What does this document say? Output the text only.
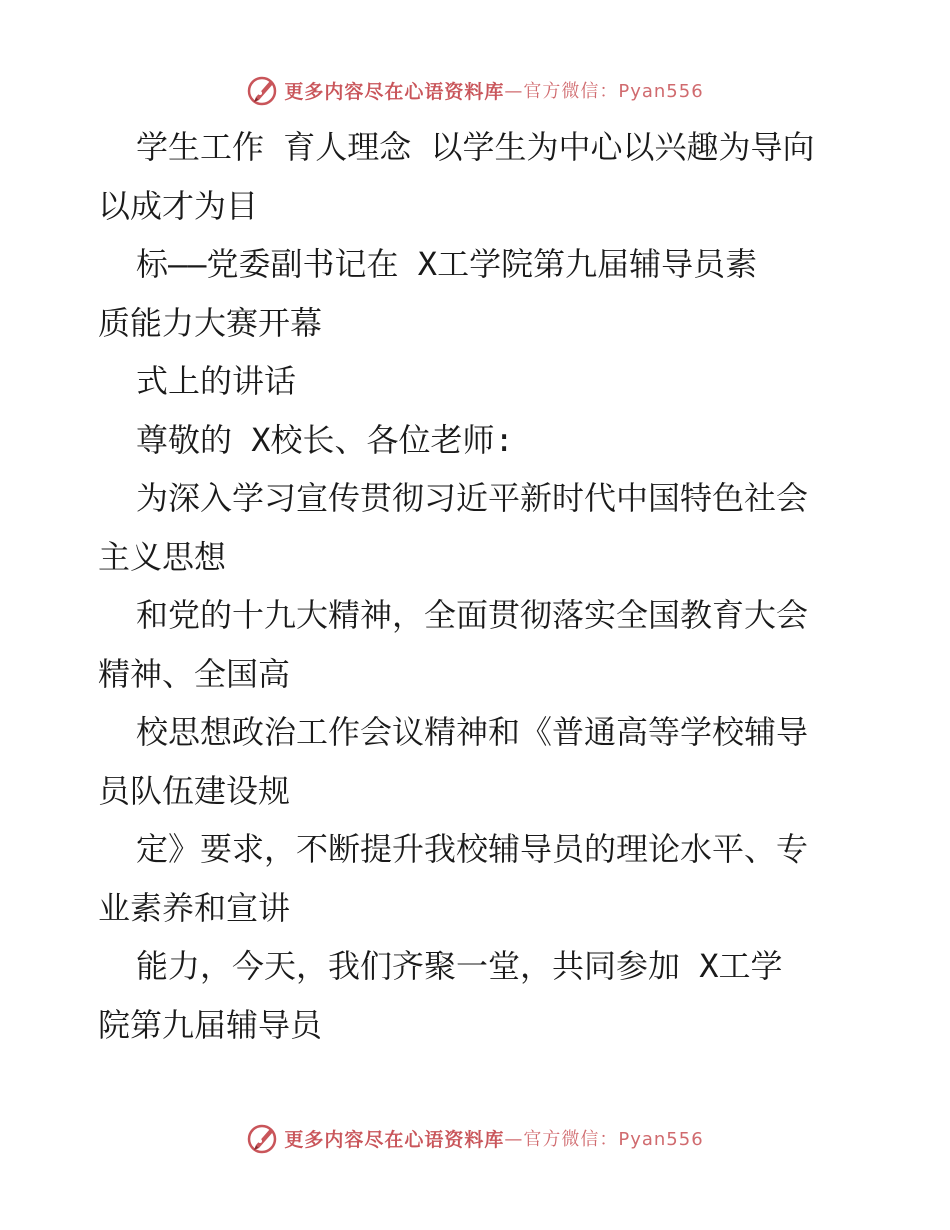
更多内容尽在心语资料库 —官方微信：Pyan556
学生工作 育人理念 以学生为中心以兴趣为导向
以成才为目
标——党委副书记在 X工学院第九届辅导员素
质能力大赛开幕
式上的讲话
尊敬的 X校长、各位老师:
为深入学习宣传贯彻习近平新时代中国特色社会
主义思想
和党的十九大精神，全面贯彻落实全国教育大会
精神、全国高
校思想政治工作会议精神和《普通高等学校辅导
员队伍建设规
定》要求，不断提升我校辅导员的理论水平、专
业素养和宣讲
能力，今天，我们齐聚一堂，共同参加 X工学
院第九届辅导员
更多内容尽在心语资料库 —官方微信：Pyan556
